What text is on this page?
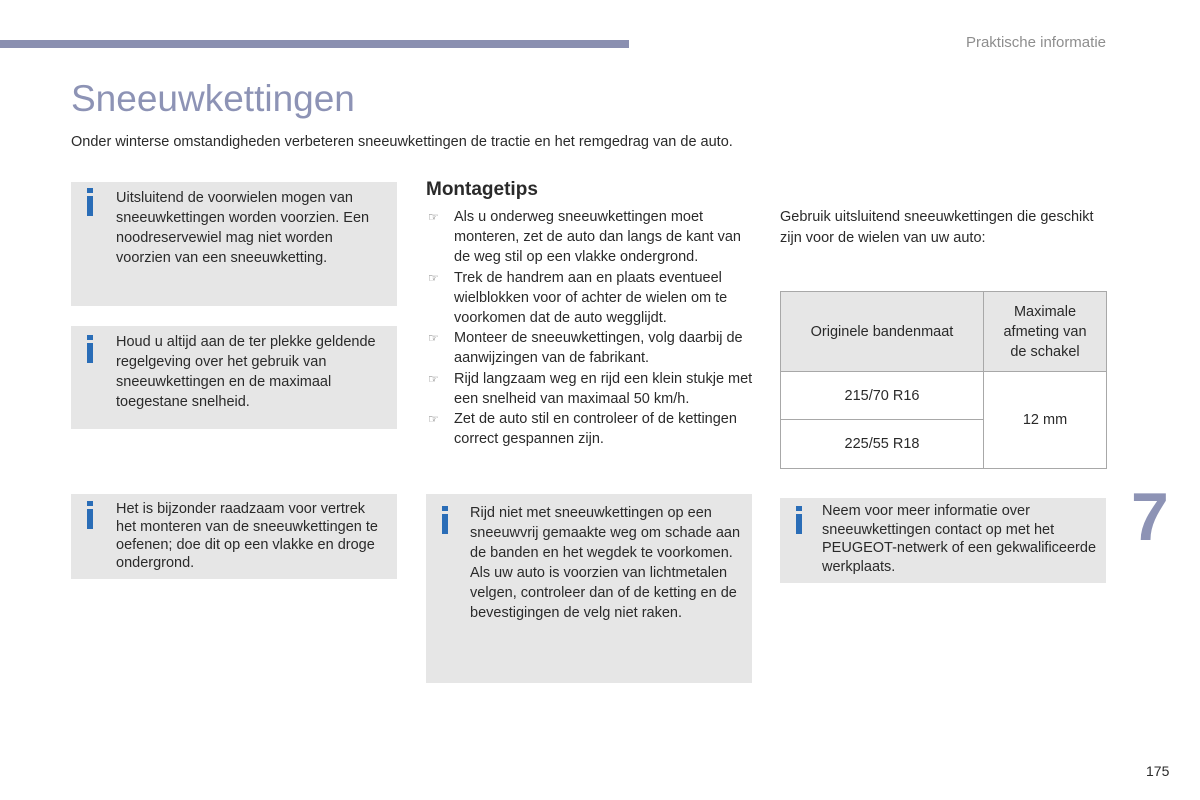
Praktische informatie
Sneeuwkettingen
Onder winterse omstandigheden verbeteren sneeuwkettingen de tractie en het remgedrag van de auto.
Uitsluitend de voorwielen mogen van sneeuwkettingen worden voorzien. Een noodreservewiel mag niet worden voorzien van een sneeuwketting.
Houd u altijd aan de ter plekke geldende regelgeving over het gebruik van sneeuwkettingen en de maximaal toegestane snelheid.
Het is bijzonder raadzaam voor vertrek het monteren van de sneeuwkettingen te oefenen; doe dit op een vlakke en droge ondergrond.
Montagetips
☞ Als u onderweg sneeuwkettingen moet monteren, zet de auto dan langs de kant van de weg stil op een vlakke ondergrond.
☞ Trek de handrem aan en plaats eventueel wielblokken voor of achter de wielen om te voorkomen dat de auto wegglijdt.
☞ Monteer de sneeuwkettingen, volg daarbij de aanwijzingen van de fabrikant.
☞ Rijd langzaam weg en rijd een klein stukje met een snelheid van maximaal 50 km/h.
☞ Zet de auto stil en controleer of de kettingen correct gespannen zijn.
Rijd niet met sneeuwkettingen op een sneeuwvrij gemaakte weg om schade aan de banden en het wegdek te voorkomen. Als uw auto is voorzien van lichtmetalen velgen, controleer dan of de ketting en de bevestigingen de velg niet raken.
Gebruik uitsluitend sneeuwkettingen die geschikt zijn voor de wielen van uw auto:
Originele bandenmaat	Maximale afmeting van de schakel
215/70 R16	12 mm
225/55 R18	
Neem voor meer informatie over sneeuwkettingen contact op met het PEUGEOT-netwerk of een gekwalificeerde werkplaats.
7
175
